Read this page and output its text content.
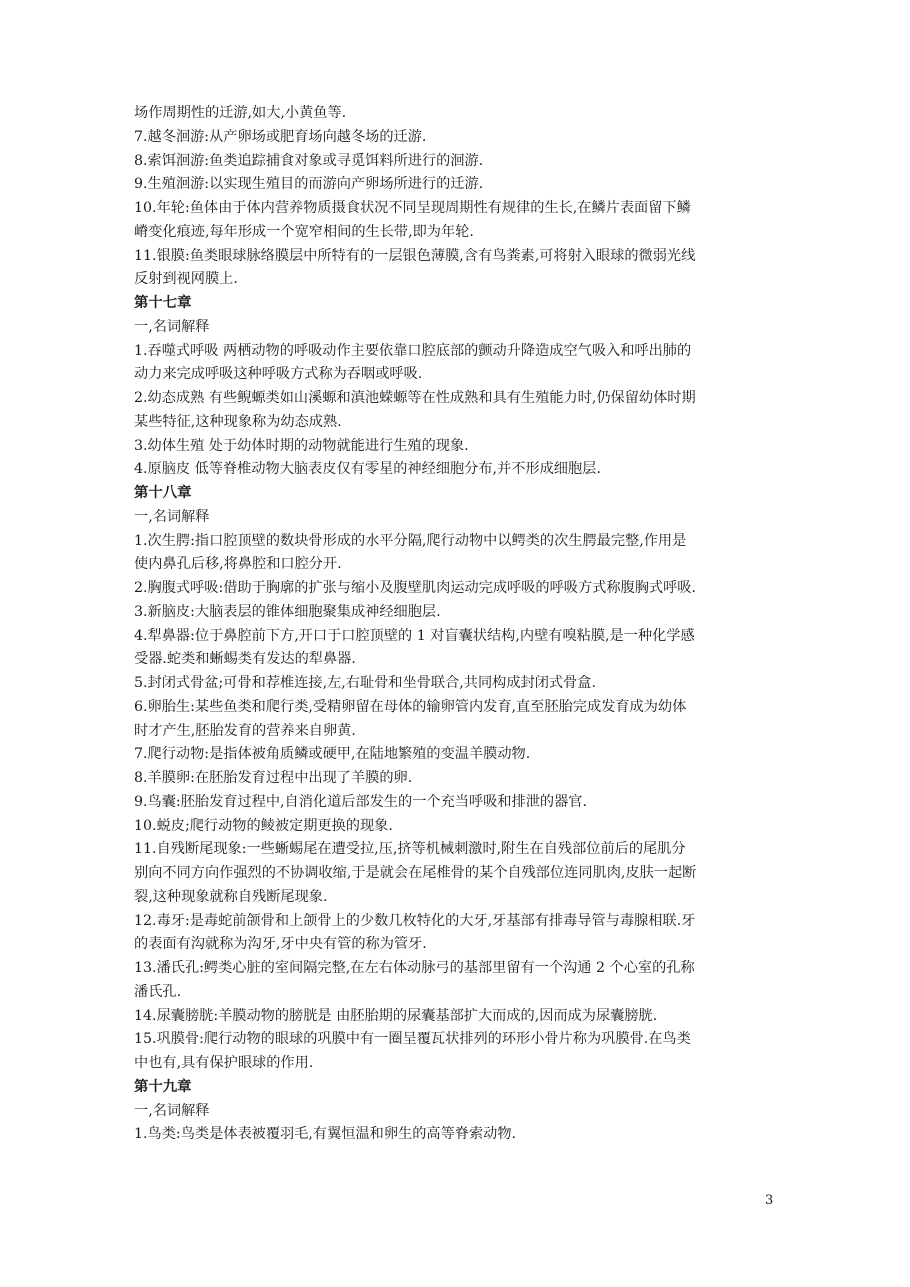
场作周期性的迁游,如大,小黄鱼等.
7.越冬洄游:从产卵场或肥育场向越冬场的迁游.
8.索饵洄游:鱼类追踪捕食对象或寻觅饵料所进行的洄游.
9.生殖洄游:以实现生殖目的而游向产卵场所进行的迁游.
10.年轮:鱼体由于体内营养物质摄食状况不同呈现周期性有规律的生长,在鳞片表面留下鳞
嵴变化痕迹,每年形成一个宽窄相间的生长带,即为年轮.
11.银膜:鱼类眼球脉络膜层中所特有的一层银色薄膜,含有鸟粪素,可将射入眼球的微弱光线
反射到视网膜上.
第十七章
一,名词解释
1.吞噬式呼吸 两栖动物的呼吸动作主要依靠口腔底部的颤动升降造成空气吸入和呼出肺的
动力来完成呼吸这种呼吸方式称为吞咽或呼吸.
2.幼态成熟 有些鲵螈类如山溪螈和滇池蝾螈等在性成熟和具有生殖能力时,仍保留幼体时期
某些特征,这种现象称为幼态成熟.
3.幼体生殖 处于幼体时期的动物就能进行生殖的现象.
4.原脑皮 低等脊椎动物大脑表皮仅有零星的神经细胞分布,并不形成细胞层.
第十八章
一,名词解释
1.次生腭:指口腔顶壁的数块骨形成的水平分隔,爬行动物中以鳄类的次生腭最完整,作用是
使内鼻孔后移,将鼻腔和口腔分开.
2.胸腹式呼吸:借助于胸廓的扩张与缩小及腹壁肌肉运动完成呼吸的呼吸方式称腹胸式呼吸.
3.新脑皮:大脑表层的锥体细胞聚集成神经细胞层.
4.犁鼻器:位于鼻腔前下方,开口于口腔顶壁的 1 对盲囊状结构,内壁有嗅粘膜,是一种化学感
受器.蛇类和蜥蜴类有发达的犁鼻器.
5.封闭式骨盆;可骨和荐椎连接,左,右耻骨和坐骨联合,共同构成封闭式骨盒.
6.卵胎生:某些鱼类和爬行类,受精卵留在母体的输卵管内发育,直至胚胎完成发育成为幼体
时才产生,胚胎发育的营养来自卵黄.
7.爬行动物:是指体被角质鳞或硬甲,在陆地繁殖的变温羊膜动物.
8.羊膜卵:在胚胎发育过程中出现了羊膜的卵.
9.鸟囊:胚胎发育过程中,自消化道后部发生的一个充当呼吸和排泄的器官.
10.蜕皮;爬行动物的鲮被定期更换的现象.
11.自残断尾现象:一些蜥蜴尾在遭受拉,压,挤等机械刺激时,附生在自残部位前后的尾肌分
别向不同方向作强烈的不协调收缩,于是就会在尾椎骨的某个自残部位连同肌肉,皮肤一起断
裂,这种现象就称自残断尾现象.
12.毒牙:是毒蛇前颌骨和上颌骨上的少数几枚特化的大牙,牙基部有排毒导管与毒腺相联.牙
的表面有沟就称为沟牙,牙中央有管的称为管牙.
13.潘氏孔:鳄类心脏的室间隔完整,在左右体动脉弓的基部里留有一个沟通 2 个心室的孔称
潘氏孔.
14.尿囊膀胱:羊膜动物的膀胱是 由胚胎期的尿囊基部扩大而成的,因而成为尿囊膀胱.
15.巩膜骨:爬行动物的眼球的巩膜中有一圈呈覆瓦状排列的环形小骨片称为巩膜骨.在鸟类
中也有,具有保护眼球的作用.
第十九章
一,名词解释
1.鸟类:鸟类是体表被覆羽毛,有翼恒温和卵生的高等脊索动物.
3
